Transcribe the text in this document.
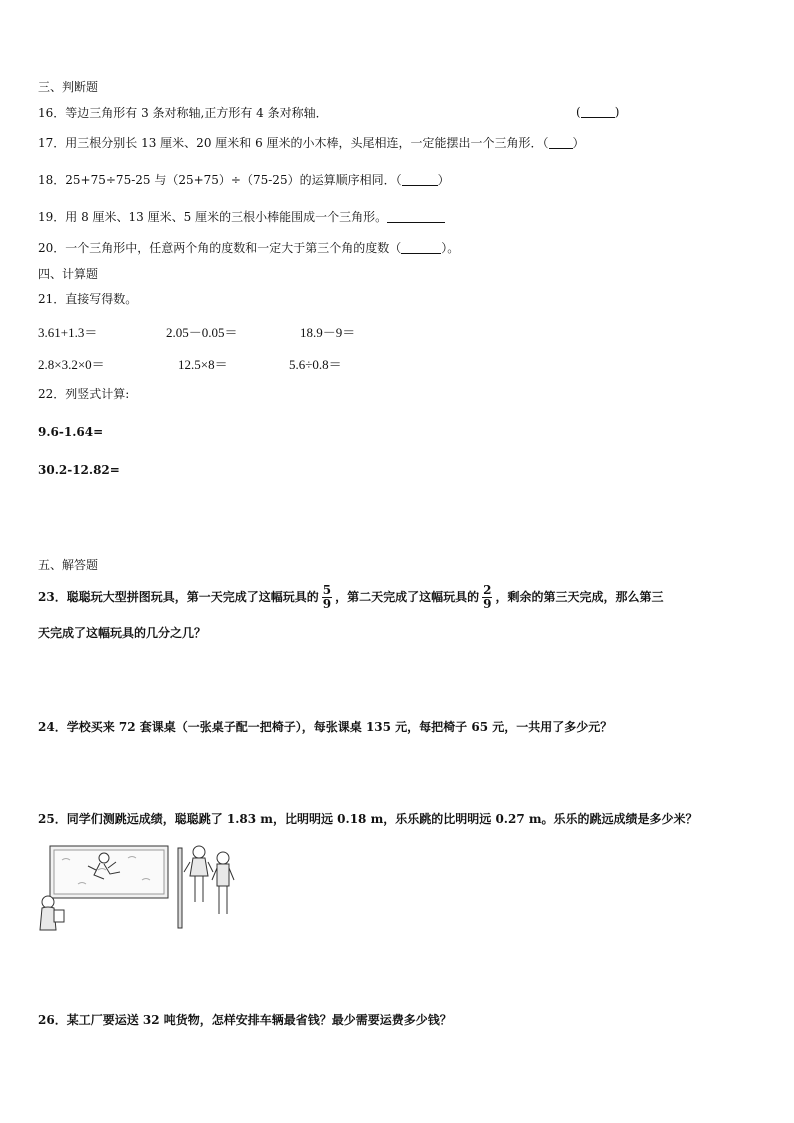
三、判断题
16．等边三角形有 3 条对称轴,正方形有 4 条对称轴．	(	)
17．用三根分别长 13 厘米、20 厘米和 6 厘米的小木棒，头尾相连，一定能摆出一个三角形．（ ）
18．25+75÷75-25 与（25+75）÷（75-25）的运算顺序相同．（	）
19．用 8 厘米、13 厘米、5 厘米的三根小棒能围成一个三角形。
20．一个三角形中，任意两个角的度数和一定大于第三个角的度数（	）。
四、计算题
21．直接写得数。
3.61+1.3＝	2.05－0.05＝	18.9－9＝
2.8×3.2×0＝	12.5×8＝	5.6÷0.8＝
22．列竖式计算:
9.6-1.64=
30.2-12.82=
五、解答题
23．聪聪玩大型拼图玩具，第一天完成了这幅玩具的 $\frac{5}{9}$ ，第二天完成了这幅玩具的 $\frac{2}{9}$ ，剩余的第三天完成，那么第三
天完成了这幅玩具的几分之几？
24．学校买来 72 套课桌（一张桌子配一把椅子），每张课桌 135 元，每把椅子 65 元，一共用了多少元？
25．同学们测跳远成绩，聪聪跳了 1.83 m，比明明远 0.18 m，乐乐跳的比明明远 0.27 m。乐乐的跳远成绩是多少米？
26．某工厂要运送 32 吨货物，怎样安排车辆最省钱？最少需要运费多少钱？
